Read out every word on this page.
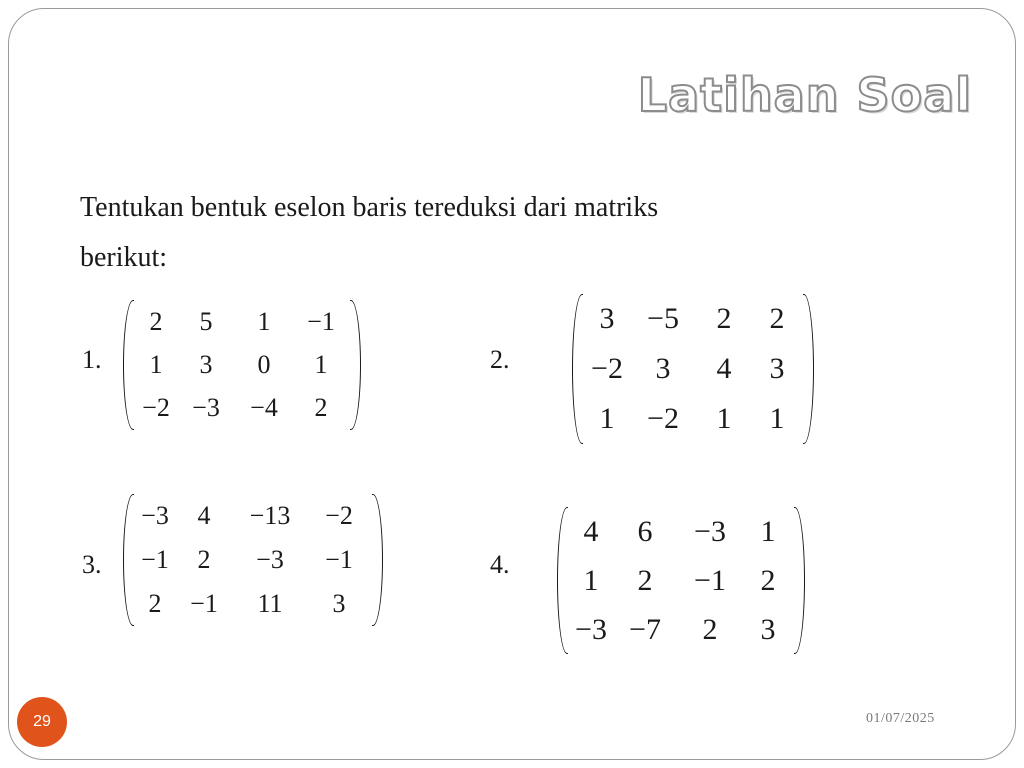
Latihan Soal
Tentukan bentuk eselon baris tereduksi dari matriks
berikut:
1.
2	5	1	−1
1	3	0	1
−2 −3	−4	2
2.
3	−5	2	2
−2	3	4	3
1	−2	1	1
3.
−3	4	−13	−2
−1	2	−3	−1
2	−1	11	3
4.
4	6	−3	1
1	2	−1	2
−3 −7	2	3
29	01/07/2025
